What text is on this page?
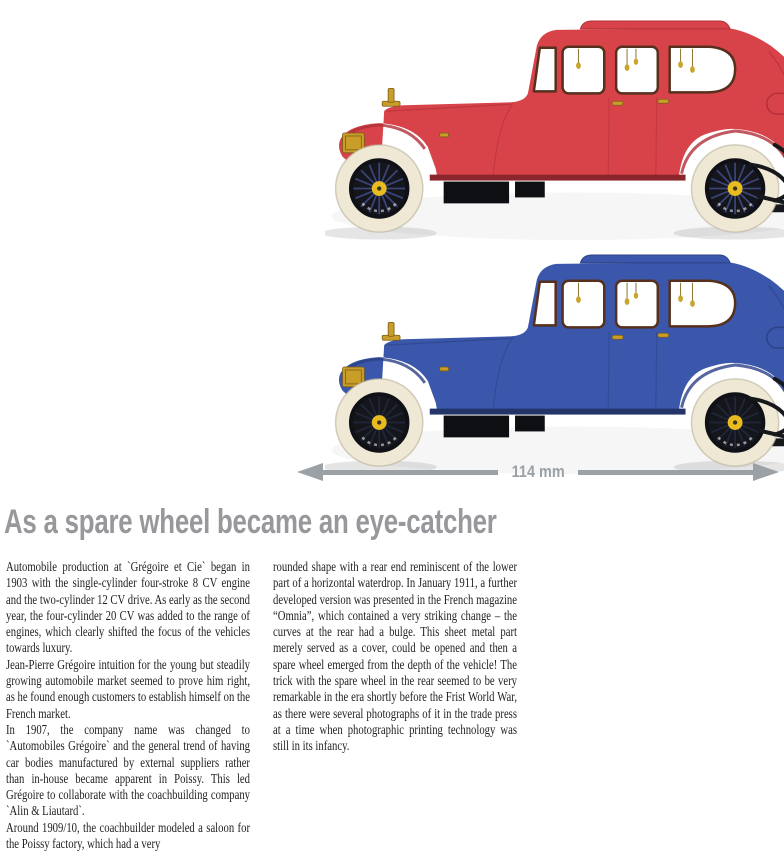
114 mm
As a spare wheel became an eye-catcher

Automobile production at `Grégoire et Cie` began in 1903 with the single-cylinder four-stroke 8 CV engine and the two-cylinder 12 CV drive. As early as the second year, the four-cylinder 20 CV was added to the range of engines, which clearly shifted the focus of the vehicles towards luxury.

Jean-Pierre Grégoire intuition for the young but steadily growing automobile market seemed to prove him right, as he found enough customers to establish himself on the French market.

In 1907, the company name was changed to `Automobiles Grégoire` and the general trend of having car bodies manufactured by external suppliers rather than in-house became apparent in Poissy. This led Grégoire to collaborate with the coachbuilding company `Alin & Liautard`.

Around 1909/10, the coachbuilder modeled a saloon for the Poissy factory, which had a very

rounded shape with a rear end reminiscent of the lower part of a horizontal waterdrop. In January 1911, a further developed version was presented in the French magazine “Omnia”, which contained a very striking change – the curves at the rear had a bulge. This sheet metal part merely served as a cover, could be opened and then a spare wheel emerged from the depth of the vehicle! The trick with the spare wheel in the rear seemed to be very remarkable in the era shortly before the Frist World War, as there were several photographs of it in the trade press at a time when photographic printing technology was still in its infancy.
